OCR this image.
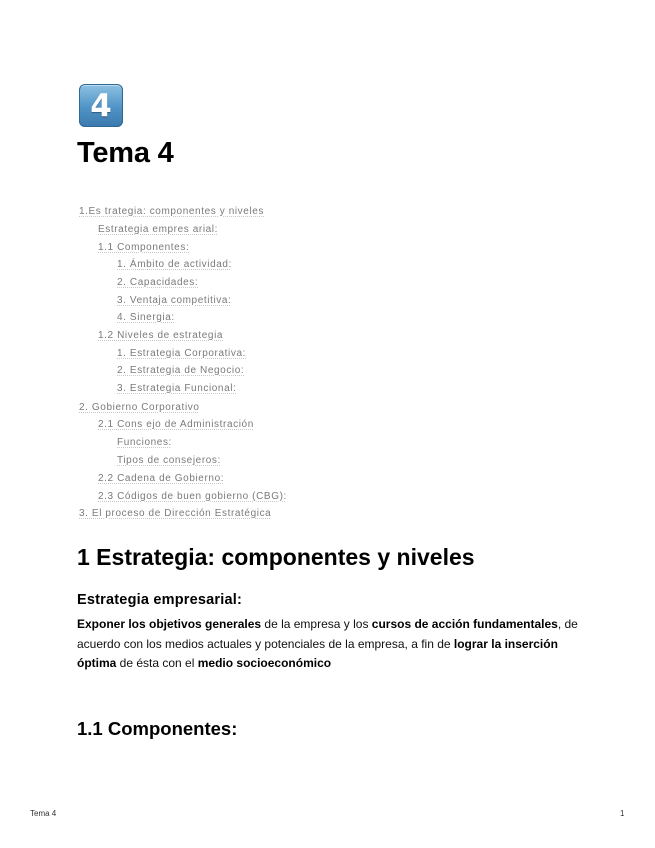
4
Tema 4
1.Es trategia: componentes y niveles
Estrategia empres arial:
1.1 Componentes:
1. Ámbito de actividad:
2. Capacidades:
3. Ventaja competitiva:
4. Sinergia:
1.2 Niveles de estrategia
1. Estrategia Corporativa:
2. Estrategia de Negocio:
3. Estrategia Funcional:
2. Gobierno Corporativo
2.1 Cons ejo de Administración
Funciones:
Tipos de consejeros:
2.2 Cadena de Gobierno:
2.3 Códigos de buen gobierno (CBG):
3. El proceso de Dirección Estratégica
1 Estrategia: componentes y niveles
Estrategia empresarial:

Exponer los objetivos generales de la empresa y los cursos de acción fundamentales, de acuerdo con los medios actuales y potenciales de la empresa, a fin de lograr la inserción óptima de ésta con el medio socioeconómico

1.1 Componentes:
Tema 4	1
